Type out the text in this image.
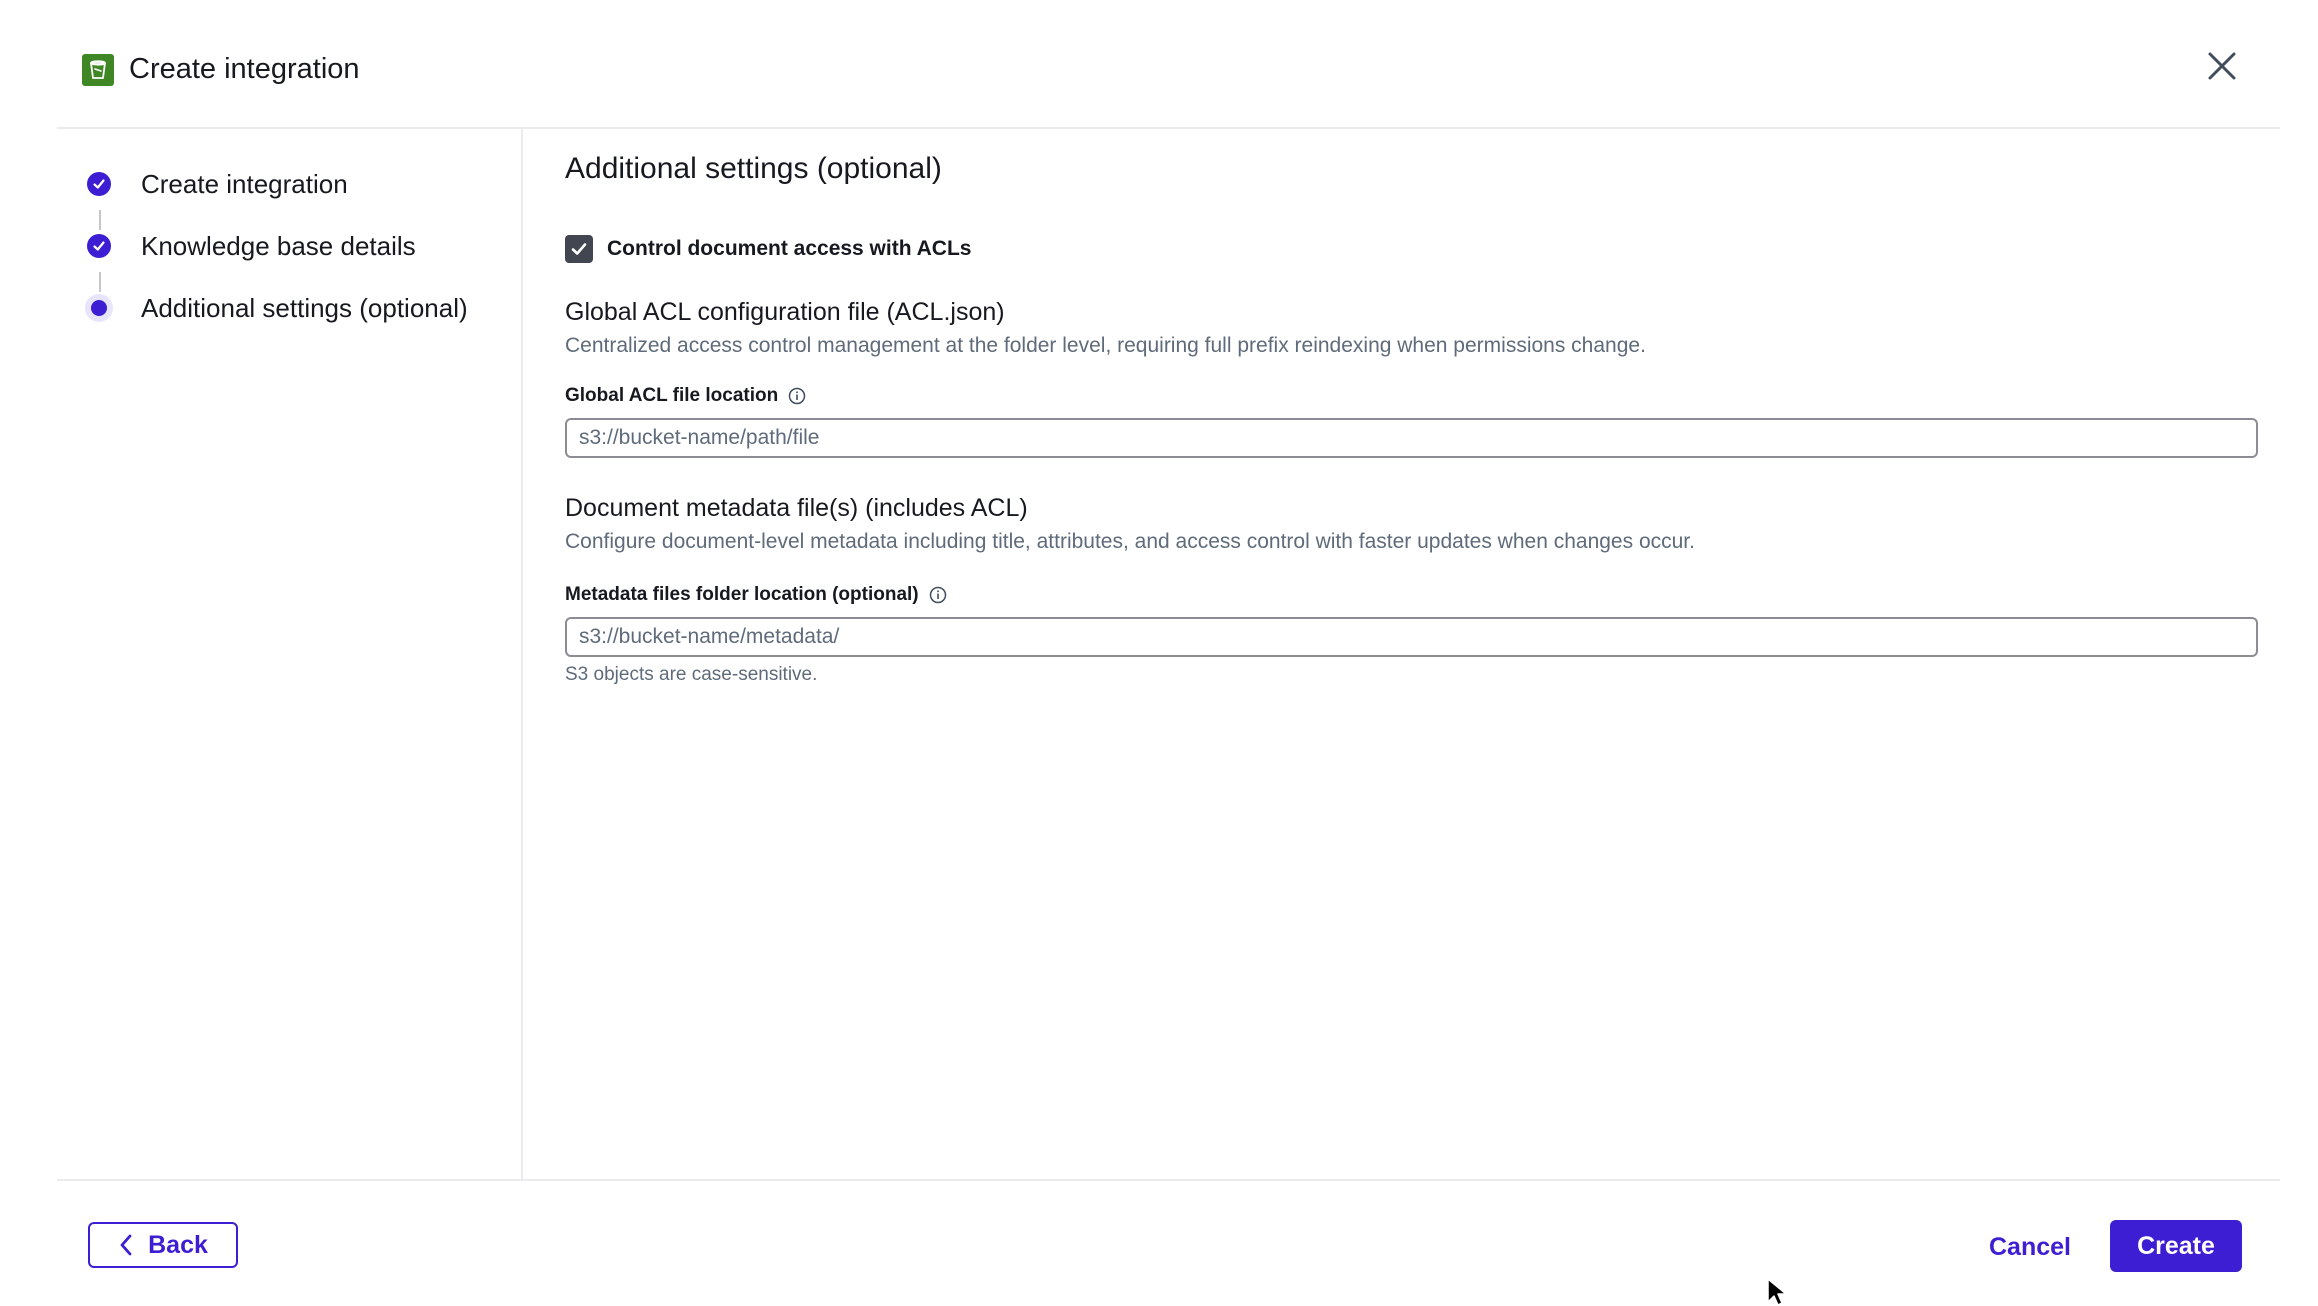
Create integration
Create integration
Knowledge base details
Additional settings (optional)
Additional settings (optional)
Control document access with ACLs
Global ACL configuration file (ACL.json)
Centralized access control management at the folder level, requiring full prefix reindexing when permissions change.
Global ACL file location
s3://bucket-name/path/file
Document metadata file(s) (includes ACL)
Configure document-level metadata including title, attributes, and access control with faster updates when changes occur.
Metadata files folder location (optional)
s3://bucket-name/metadata/
S3 objects are case-sensitive.
Back	Cancel	Create
